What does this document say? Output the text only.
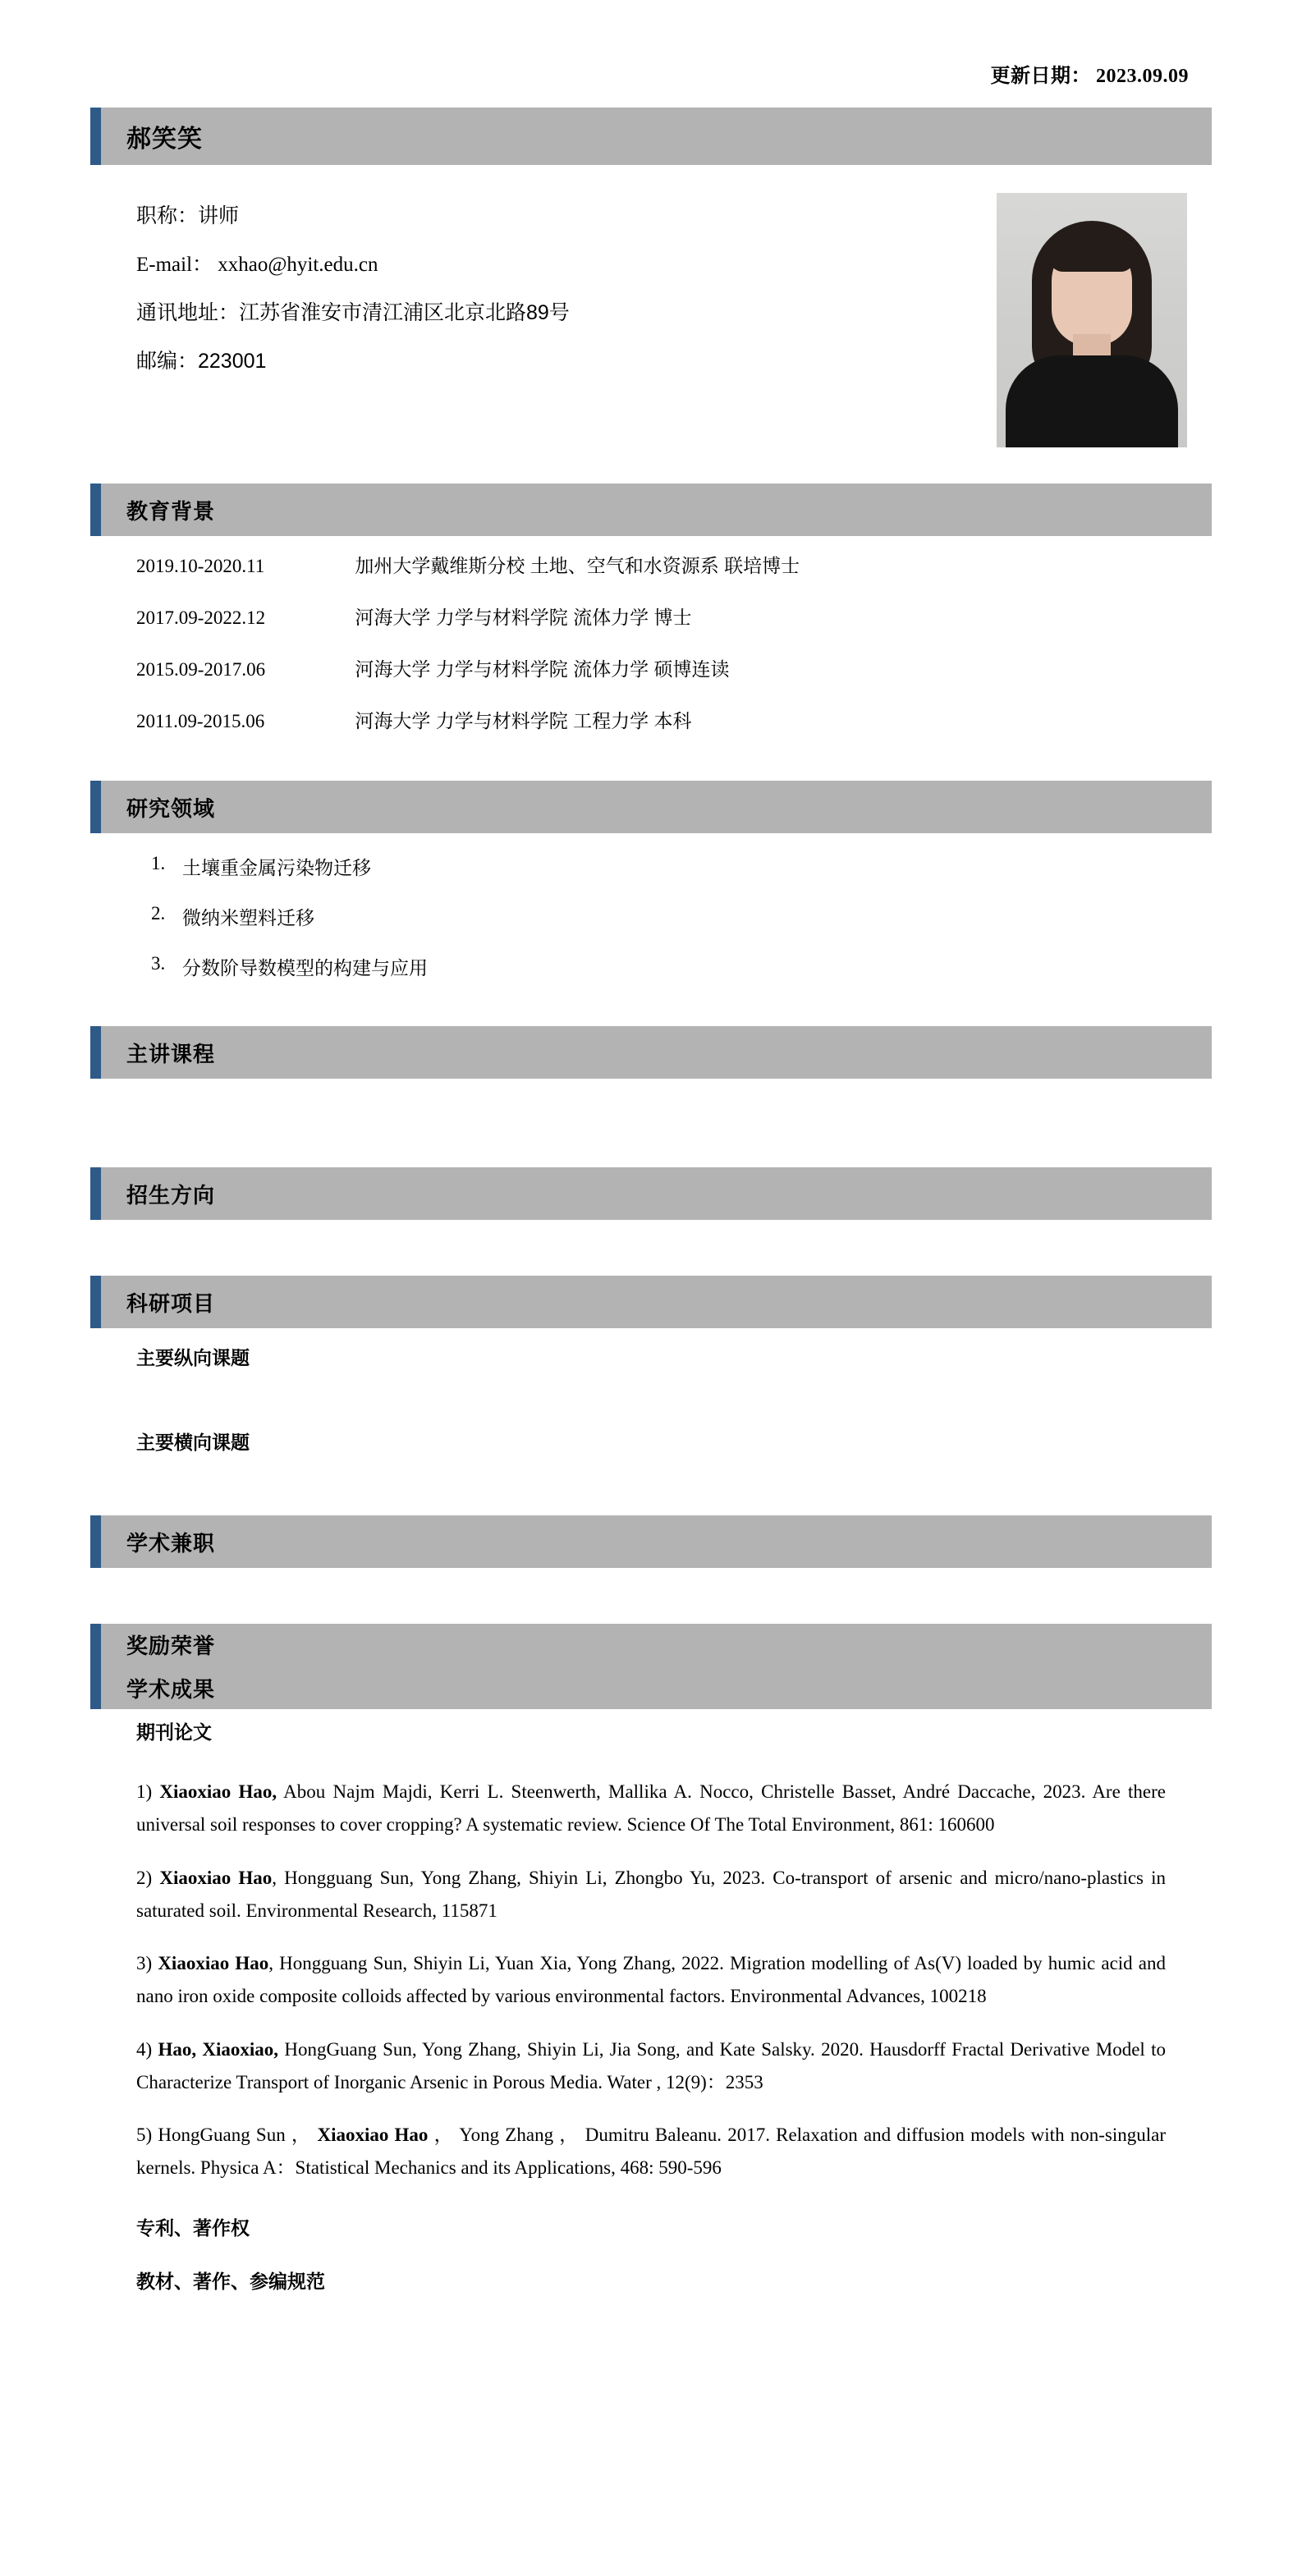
更新日期： 2023.09.09
郝笑笑
职称：讲师
E-mail： xxhao@hyit.edu.cn
通讯地址：江苏省淮安市清江浦区北京北路89号
邮编：223001
教育背景
2019.10-2020.11	加州大学戴维斯分校 土地、空气和水资源系 联培博士
2017.09-2022.12	河海大学 力学与材料学院 流体力学 博士
2015.09-2017.06	河海大学 力学与材料学院 流体力学 硕博连读
2011.09-2015.06	河海大学 力学与材料学院 工程力学 本科
研究领域
土壤重金属污染物迁移
微纳米塑料迁移
分数阶导数模型的构建与应用
主讲课程
招生方向
科研项目
主要纵向课题
主要横向课题
学术兼职
奖励荣誉
学术成果
期刊论文
1) Xiaoxiao Hao, Abou Najm Majdi, Kerri L. Steenwerth, Mallika A. Nocco, Christelle Basset, André Daccache, 2023. Are there universal soil responses to cover cropping? A systematic review. Science Of The Total Environment, 861: 160600
2) Xiaoxiao Hao, Hongguang Sun, Yong Zhang, Shiyin Li, Zhongbo Yu, 2023. Co-transport of arsenic and micro/nano-plastics in saturated soil. Environmental Research, 115871
3) Xiaoxiao Hao, Hongguang Sun, Shiyin Li, Yuan Xia, Yong Zhang, 2022. Migration modelling of As(V) loaded by humic acid and nano iron oxide composite colloids affected by various environmental factors. Environmental Advances, 100218
4) Hao, Xiaoxiao, HongGuang Sun, Yong Zhang, Shiyin Li, Jia Song, and Kate Salsky. 2020. Hausdorff Fractal Derivative Model to Characterize Transport of Inorganic Arsenic in Porous Media. Water , 12(9)：2353
5) HongGuang Sun ， Xiaoxiao Hao ， Yong Zhang ， Dumitru Baleanu. 2017. Relaxation and diffusion models with non-singular kernels. Physica A：Statistical Mechanics and its Applications, 468: 590-596
专利、著作权
教材、著作、参编规范
